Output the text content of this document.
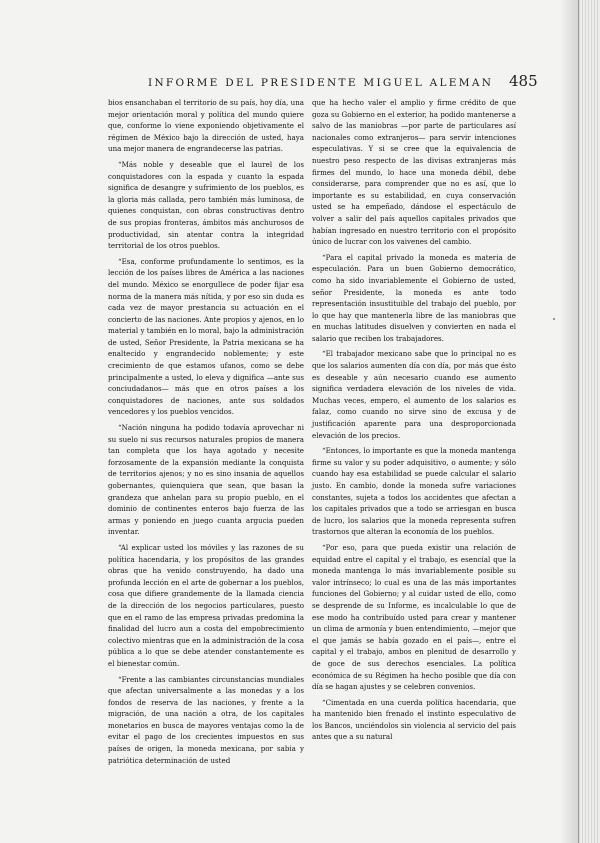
INFORME DEL PRESIDENTE MIGUEL ALEMAN 485

bios ensanchaban el territorio de su país, hoy día, una mejor orientación moral y política del mundo quiere que, conforme lo viene exponiendo objetivamente el régimen de México bajo la dirección de usted, haya una mejor manera de engrandecerse las patrias.

“Más noble y deseable que el laurel de los conquistadores con la espada y cuanto la espada significa de desangre y sufrimiento de los pueblos, es la gloria más callada, pero también más luminosa, de quienes conquistan, con obras constructivas dentro de sus propias fronteras, ámbitos más anchurosos de productividad, sin atentar contra la integridad territorial de los otros pueblos.

“Esa, conforme profundamente lo sentimos, es la lección de los países libres de América a las naciones del mundo. México se enorgullece de poder fijar esa norma de la manera más nítida, y por eso sin duda es cada vez de mayor prestancia su actuación en el concierto de las naciones. Ante propios y ajenos, en lo material y también en lo moral, bajo la administración de usted, Señor Presidente, la Patria mexicana se ha enaltecido y engrandecido noblemente; y este crecimiento de que estamos ufanos, como se debe principalmente a usted, lo eleva y dignifica —ante sus conciudadanos— más que en otros países a los conquistadores de naciones, ante sus soldados vencedores y los pueblos vencidos.

“Nación ninguna ha podido todavía aprovechar ni su suelo ni sus recursos naturales propios de manera tan completa que los haya agotado y necesite forzosamente de la expansión mediante la conquista de territorios ajenos; y no es sino insania de aquellos gobernantes, quienquiera que sean, que basan la grandeza que anhelan para su propio pueblo, en el dominio de continentes enteros bajo fuerza de las armas y poniendo en juego cuanta argucia pueden inventar.

“Al explicar usted los móviles y las razones de su política hacendaria, y los propósitos de las grandes obras que ha venido construyendo, ha dado una profunda lección en el arte de gobernar a los pueblos, cosa que difiere grandemente de la llamada ciencia de la dirección de los negocios particulares, puesto que en el ramo de las empresa privadas predomina la finalidad del lucro aun a costa del empobrecimiento colectivo mientras que en la administración de la cosa pública a lo que se debe atender constantemente es el bienestar común.

“Frente a las cambiantes circunstancias mundiales que afectan universalmente a las monedas y a los fondos de reserva de las naciones, y frente a la migración, de una nación a otra, de los capitales monetarios en busca de mayores ventajas como la de evitar el pago de los crecientes impuestos en sus países de origen, la moneda mexicana, por sabia y patriótica determinación de usted

que ha hecho valer el amplio y firme crédito de que goza su Gobierno en el exterior, ha podido mantenerse a salvo de las maniobras —por parte de particulares así nacionales como extranjeros— para servir intenciones especulativas. Y si se cree que la equivalencia de nuestro peso respecto de las divisas extranjeras más firmes del mundo, lo hace una moneda débil, debe considerarse, para comprender que no es así, que lo importante es su estabilidad, en cuya conservación usted se ha empeñado, dándose el espectáculo de volver a salir del país aquellos capitales privados que habían ingresado en nuestro territorio con el propósito único de lucrar con los vaivenes del cambio.

“Para el capital privado la moneda es materia de especulación. Para un buen Gobierno democrático, como ha sido invariablemente el Gobierno de usted, señor Presidente, la moneda es ante todo representación insustituible del trabajo del pueblo, por lo que hay que mantenerla libre de las maniobras que en muchas latitudes disuelven y convierten en nada el salario que reciben los trabajadores.

“El trabajador mexicano sabe que lo principal no es que los salarios aumenten día con día, por más que ésto es deseable y aún necesario cuando ese aumento significa verdadera elevación de los niveles de vida. Muchas veces, empero, el aumento de los salarios es falaz, como cuando no sirve sino de excusa y de justificación aparente para una desproporcionada elevación de los precios.

“Entonces, lo importante es que la moneda mantenga firme su valor y su poder adquisitivo, o aumente; y sólo cuando hay esa estabilidad se puede calcular el salario justo. En cambio, donde la moneda sufre variaciones constantes, sujeta a todos los accidentes que afectan a los capitales privados que a todo se arriesgan en busca de lucro, los salarios que la moneda representa sufren trastornos que alteran la economía de los pueblos.

“Por eso, para que pueda existir una relación de equidad entre el capital y el trabajo, es esencial que la moneda mantenga lo más invariablemente posible su valor intrínseco; lo cual es una de las más importantes funciones del Gobierno; y al cuidar usted de ello, como se desprende de su Informe, es incalculable lo que de ese modo ha contribuído usted para crear y mantener un clima de armonía y buen entendimiento, —mejor que el que jamás se había gozado en el país—, entre el capital y el trabajo, ambos en plenitud de desarrollo y de goce de sus derechos esenciales. La política económica de su Régimen ha hecho posible que día con día se hagan ajustes y se celebren convenios.

“Cimentada en una cuerda política hacendaria, que ha mantenido bien frenado el instinto especulativo de los Bancos, unciéndolos sin violencia al servicio del país antes que a su natural
